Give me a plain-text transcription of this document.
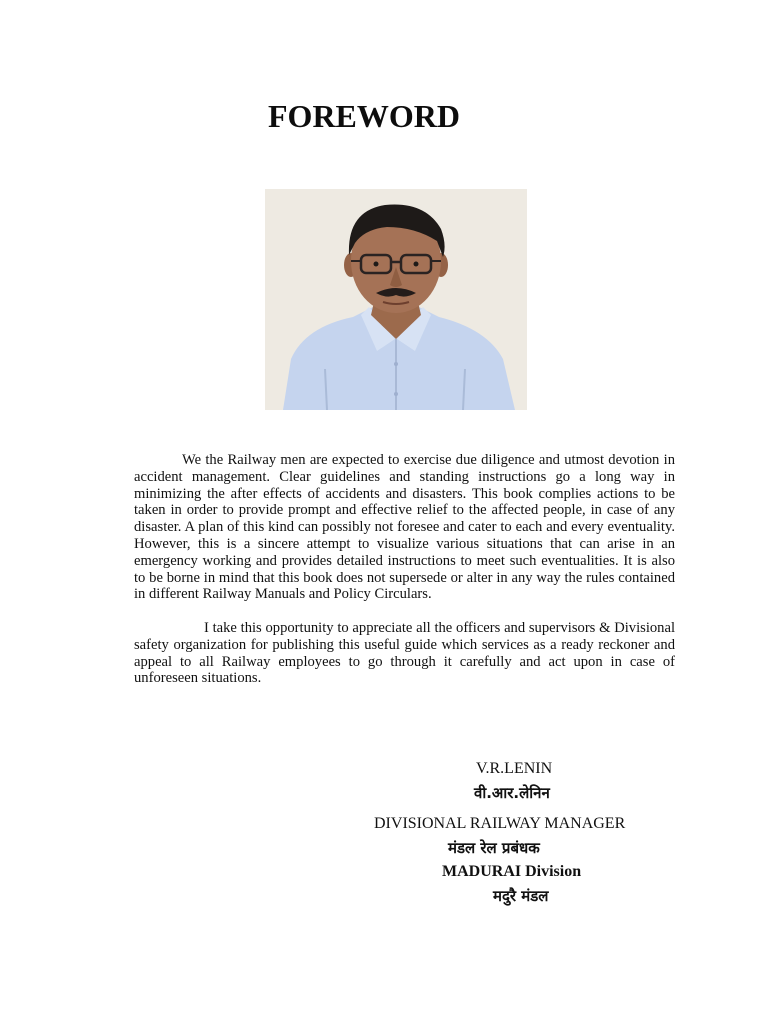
FOREWORD

We the Railway men are expected to exercise due diligence and utmost devotion in accident management. Clear guidelines and standing instructions go a long way in minimizing the after effects of accidents and disasters. This book complies actions to be taken in order to provide prompt and effective relief to the affected people, in case of any disaster. A plan of this kind can possibly not foresee and cater to each and every eventuality. However, this is a sincere attempt to visualize various situations that can arise in an emergency working and provides detailed instructions to meet such eventualities. It is also to be borne in mind that this book does not supersede or alter in any way the rules contained in different Railway Manuals and Policy Circulars.

I take this opportunity to appreciate all the officers and supervisors & Divisional safety organization for publishing this useful guide which services as a ready reckoner and appeal to all Railway employees to go through it carefully and act upon in case of unforeseen situations.

V.R.LENIN
वी.आर.लेनिन
DIVISIONAL RAILWAY MANAGER
मंडल रेल प्रबंधक
MADURAI Division
मदुरै मंडल
